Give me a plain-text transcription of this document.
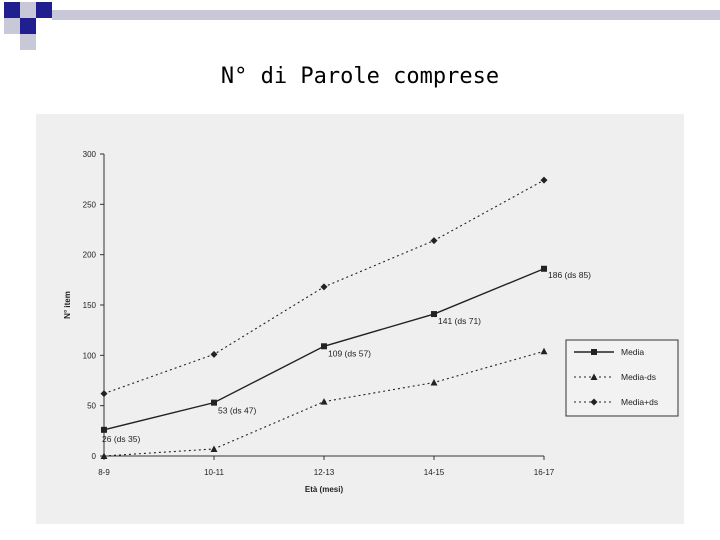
N° di Parole comprese
0
50
100
150
200
250
300
8-9	10-11	12-13	14-15	16-17
Età (mesi)
N° item
26 (ds 35)
53 (ds 47)
109 (ds 57)
141 (ds 71)
186 (ds 85)
Media
Media-ds
Media+ds
